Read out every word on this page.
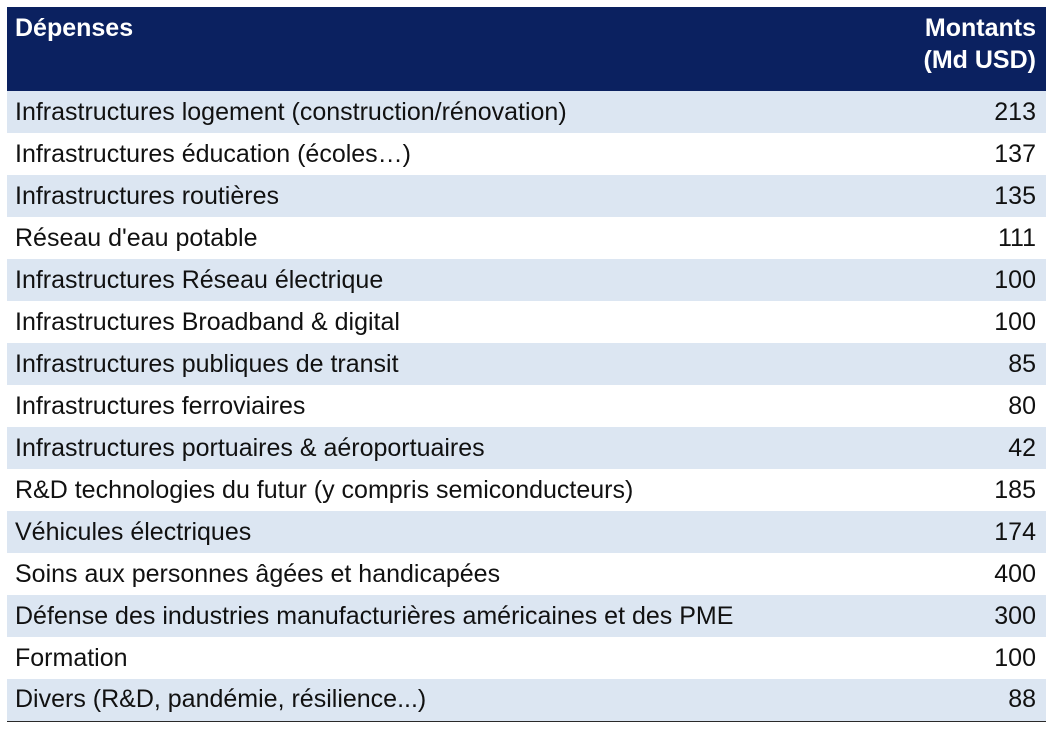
Dépenses	Montants
(Md USD)

Infrastructures logement (construction/rénovation)	213
Infrastructures éducation (écoles…)	137
Infrastructures routières	135
Réseau d'eau potable	111
Infrastructures Réseau électrique	100
Infrastructures Broadband & digital	100
Infrastructures publiques de transit	85
Infrastructures ferroviaires	80
Infrastructures portuaires & aéroportuaires	42
R&D technologies du futur (y compris semiconducteurs)	185
Véhicules électriques	174
Soins aux personnes âgées et handicapées	400
Défense des industries manufacturières américaines et des PME	300
Formation	100
Divers (R&D, pandémie, résilience...)	88
